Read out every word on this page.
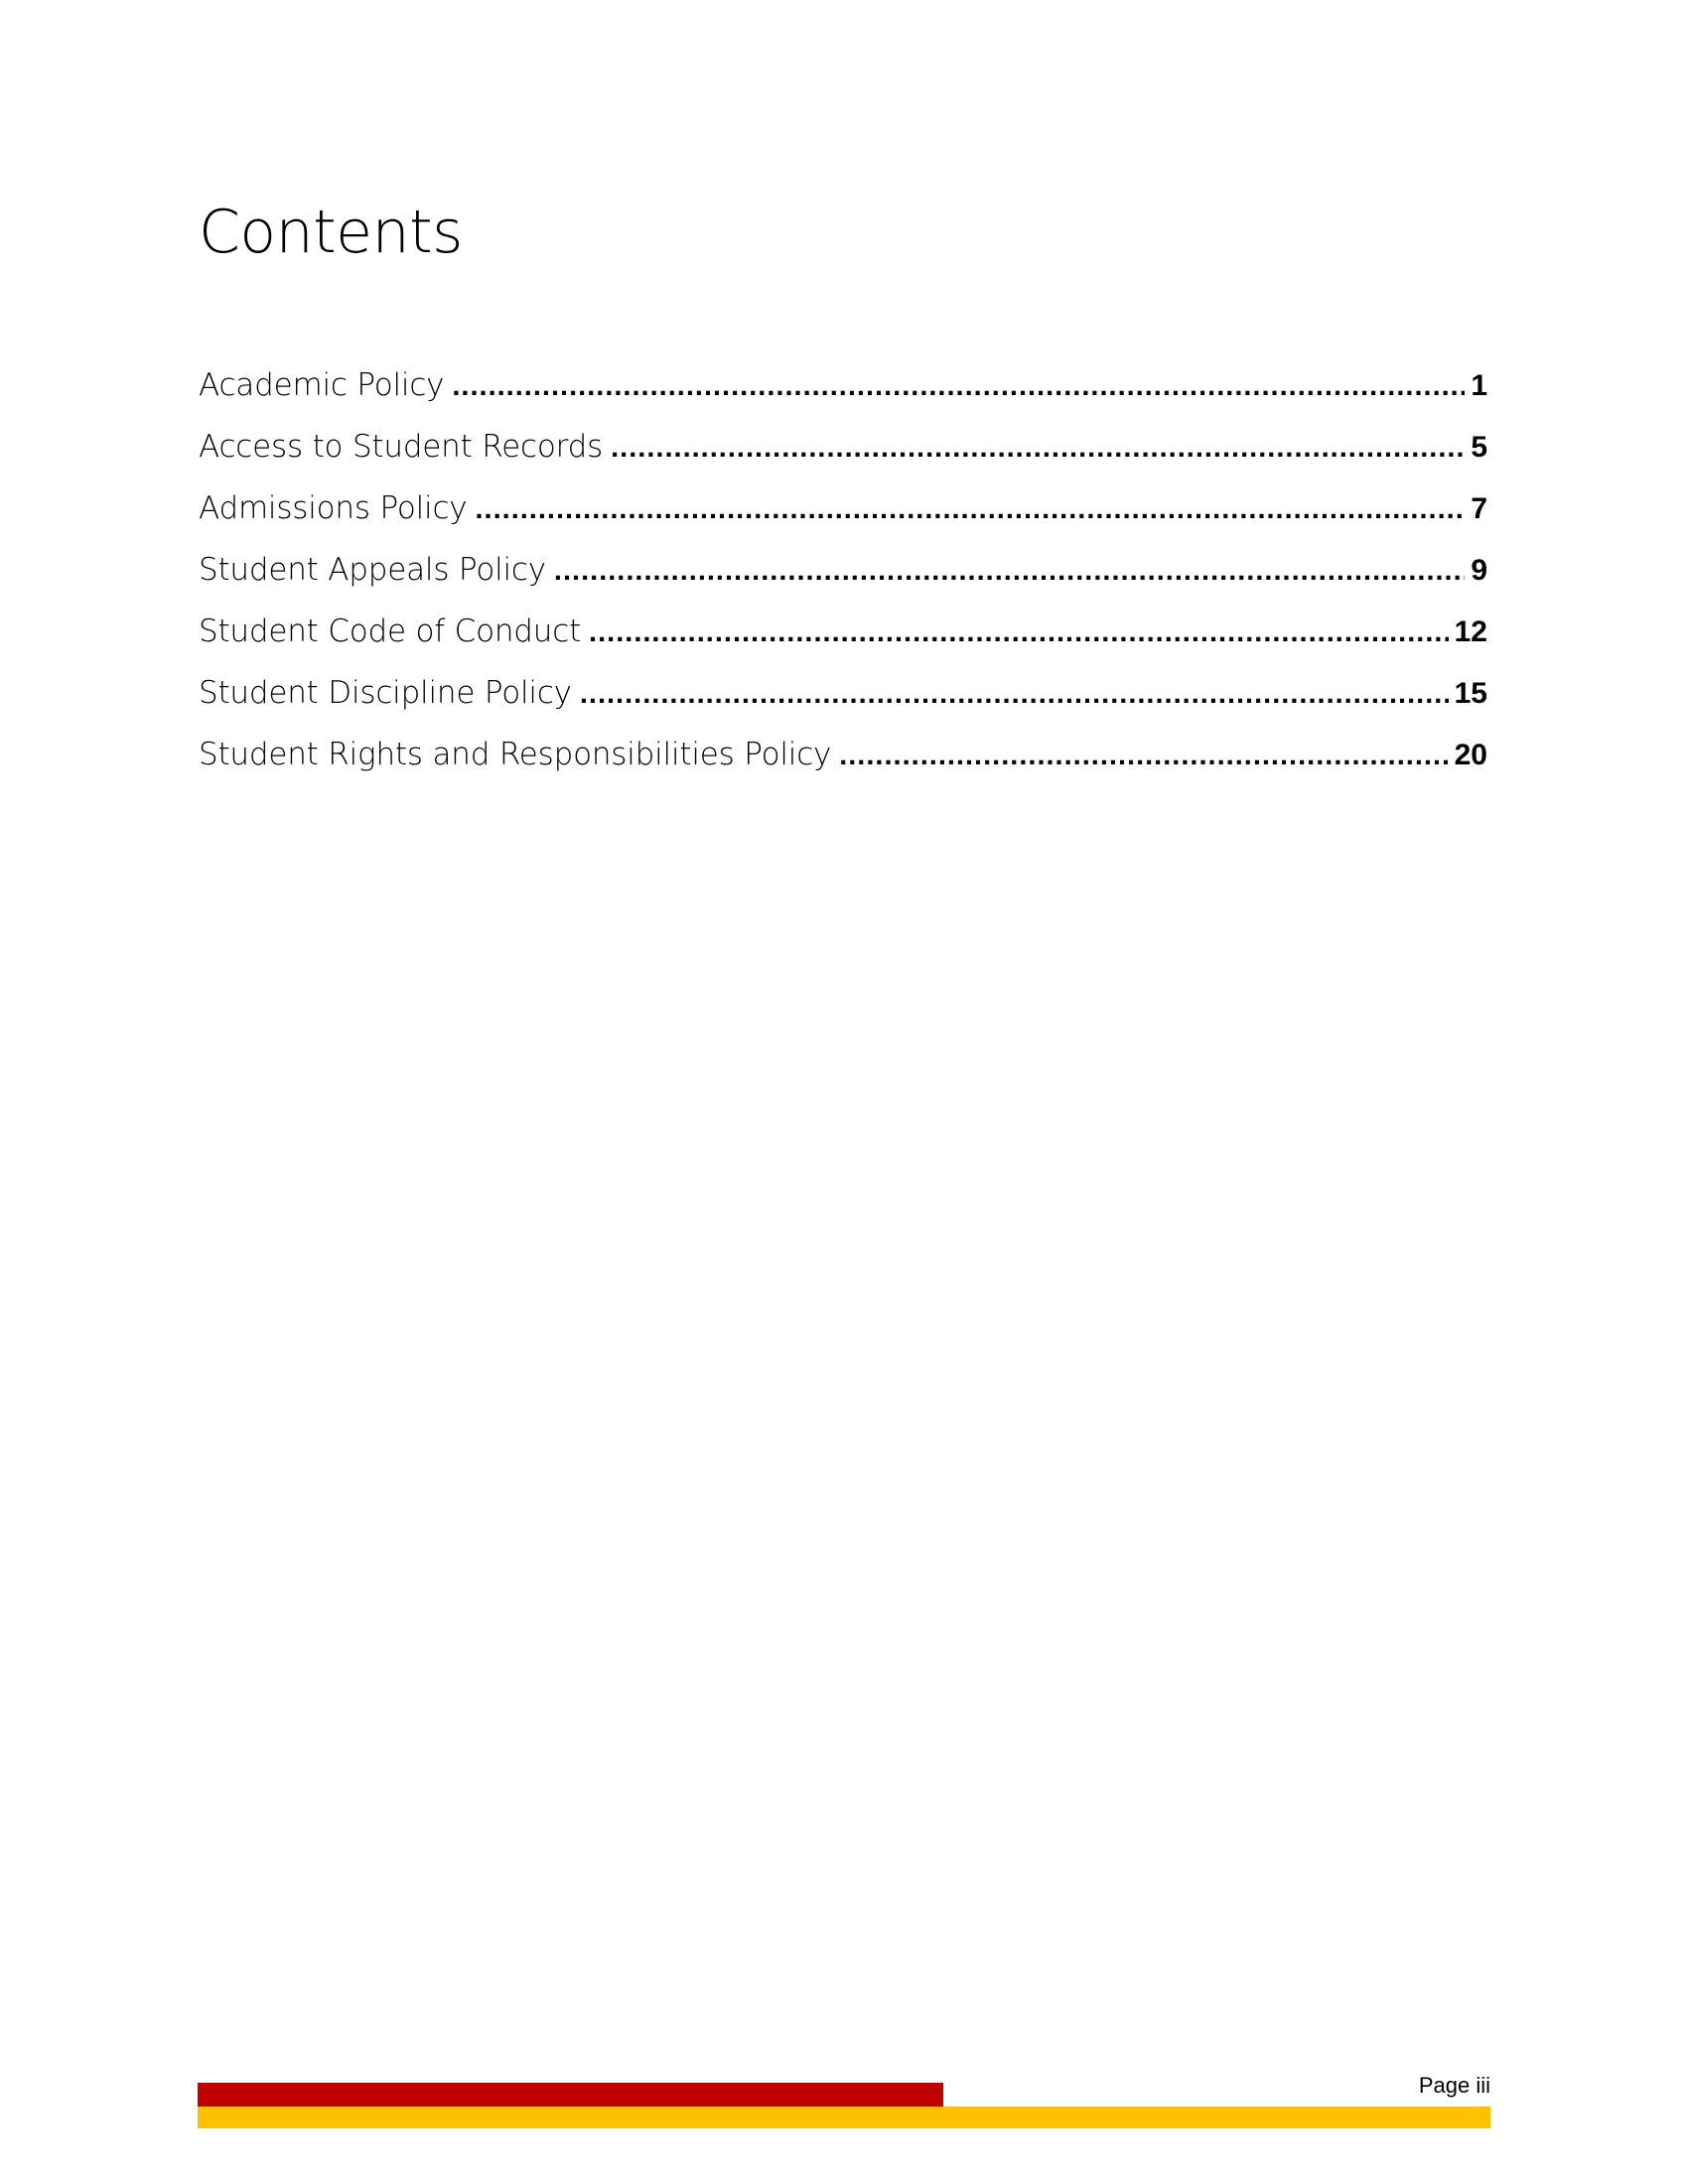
Contents
Academic Policy .....	1
Access to Student Records .....	5
Admissions Policy .....	7
Student Appeals Policy .....	9
Student Code of Conduct .....	12
Student Discipline Policy .....	15
Student Rights and Responsibilities Policy .....	20
Page iii
